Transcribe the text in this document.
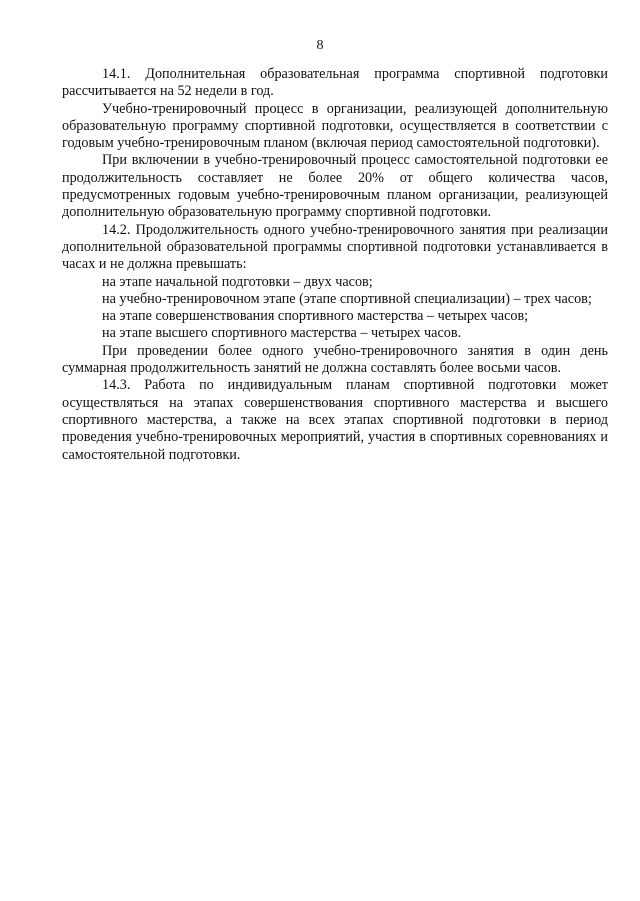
8

14.1. Дополнительная образовательная программа спортивной подготовки рассчитывается на 52 недели в год.

Учебно-тренировочный процесс в организации, реализующей дополнительную образовательную программу спортивной подготовки, осуществляется в соответствии с годовым учебно-тренировочным планом (включая период самостоятельной подготовки).

При включении в учебно-тренировочный процесс самостоятельной подготовки ее продолжительность составляет не более 20% от общего количества часов, предусмотренных годовым учебно-тренировочным планом организации, реализующей дополнительную образовательную программу спортивной подготовки.

14.2. Продолжительность одного учебно-тренировочного занятия при реализации дополнительной образовательной программы спортивной подготовки устанавливается в часах и не должна превышать:

на этапе начальной подготовки – двух часов;

на учебно-тренировочном этапе (этапе спортивной специализации) – трех часов;

на этапе совершенствования спортивного мастерства – четырех часов;

на этапе высшего спортивного мастерства – четырех часов.

При проведении более одного учебно-тренировочного занятия в один день суммарная продолжительность занятий не должна составлять более восьми часов.

14.3. Работа по индивидуальным планам спортивной подготовки может осуществляться на этапах совершенствования спортивного мастерства и высшего спортивного мастерства, а также на всех этапах спортивной подготовки в период проведения учебно-тренировочных мероприятий, участия в спортивных соревнованиях и самостоятельной подготовки.
